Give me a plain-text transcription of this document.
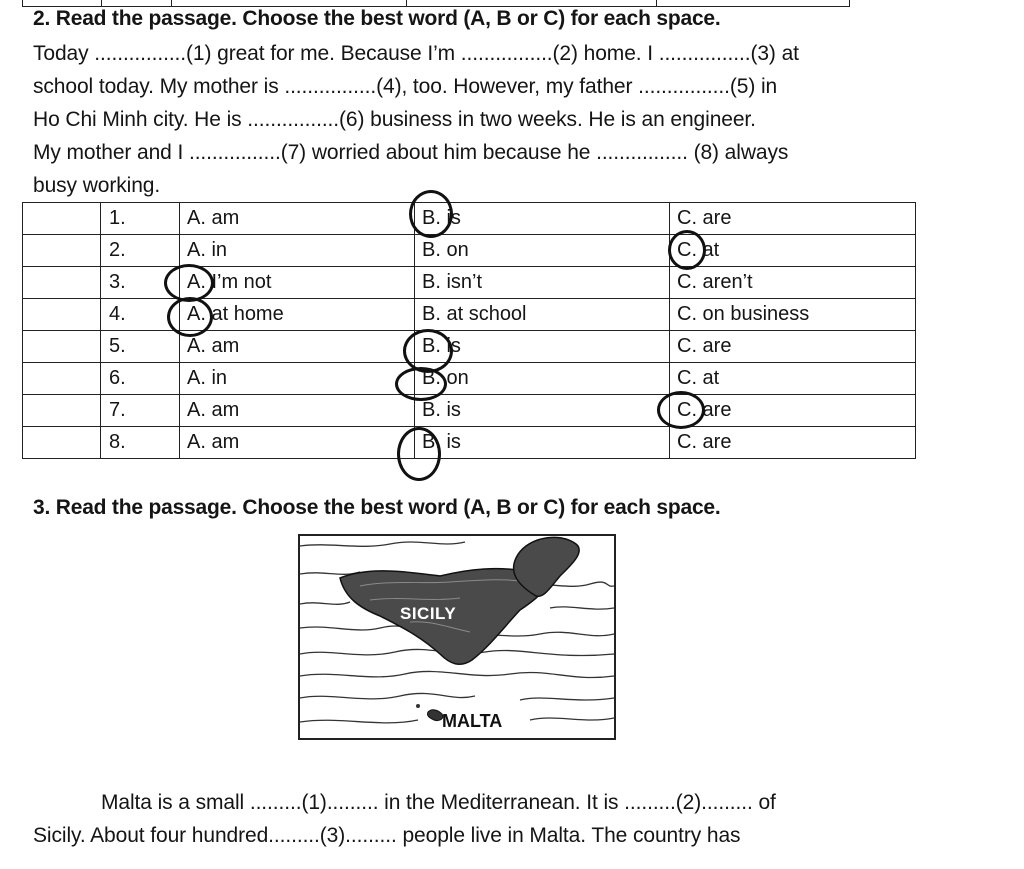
2. Read the passage. Choose the best word (A, B or C) for each space.
Today ................(1) great for me. Because I’m ................(2) home. I ................(3) at
school today. My mother is ................(4), too. However, my father ................(5) in
Ho Chi Minh city. He is ................(6) business in two weeks. He is an engineer.
My mother and I ................(7) worried about him because he ................ (8) always
busy working.
	1.	A. am	B. is	C. are
	2.	A. in	B. on	C. at
	3.	A. I’m not	B. isn’t	C. aren’t
	4.	A. at home	B. at school	C. on business
	5.	A. am	B. is	C. are
	6.	A. in	B. on	C. at
	7.	A. am	B. is	C. are
	8.	A. am	B. is	C. are
3. Read the passage. Choose the best word (A, B or C) for each space.
SICILY
MALTA
Malta is a small .........(1)......... in the Mediterranean. It is .........(2)......... of
Sicily. About four hundred.........(3)......... people live in Malta. The country has
